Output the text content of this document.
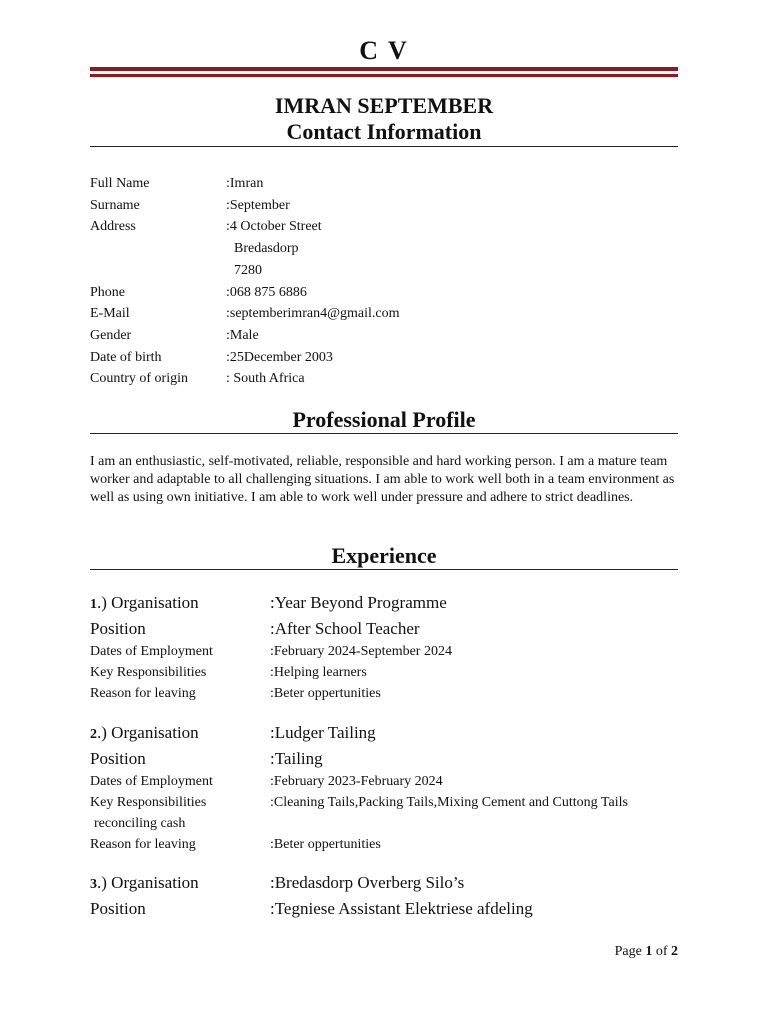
C V
IMRAN SEPTEMBER
Contact Information
Full Name	:Imran
Surname	:September
Address	:4 October Street
Bredasdorp
7280
Phone	:068 875 6886
E-Mail	:septemberimran4@gmail.com
Gender	:Male
Date of birth	:25December 2003
Country of origin	: South Africa
Professional Profile

I am an enthusiastic, self-motivated, reliable, responsible and hard working person. I am a mature team worker and adaptable to all challenging situations. I am able to work well both in a team environment as well as using own initiative. I am able to work well under pressure and adhere to strict deadlines.

Experience
1.) Organisation	:Year Beyond Programme
Position	:After School Teacher
Dates of Employment	:February 2024-September 2024
Key Responsibilities	:Helping learners
Reason for leaving	:Beter oppertunities
2.) Organisation	:Ludger Tailing
Position	:Tailing
Dates of Employment	:February 2023-February 2024
Key Responsibilities	:Cleaning Tails,Packing Tails,Mixing Cement and Cuttong Tails
reconciling cash
Reason for leaving	:Beter oppertunities
3.) Organisation	:Bredasdorp Overberg Silo’s
Position	:Tegniese Assistant Elektriese afdeling
Page 1 of 2
